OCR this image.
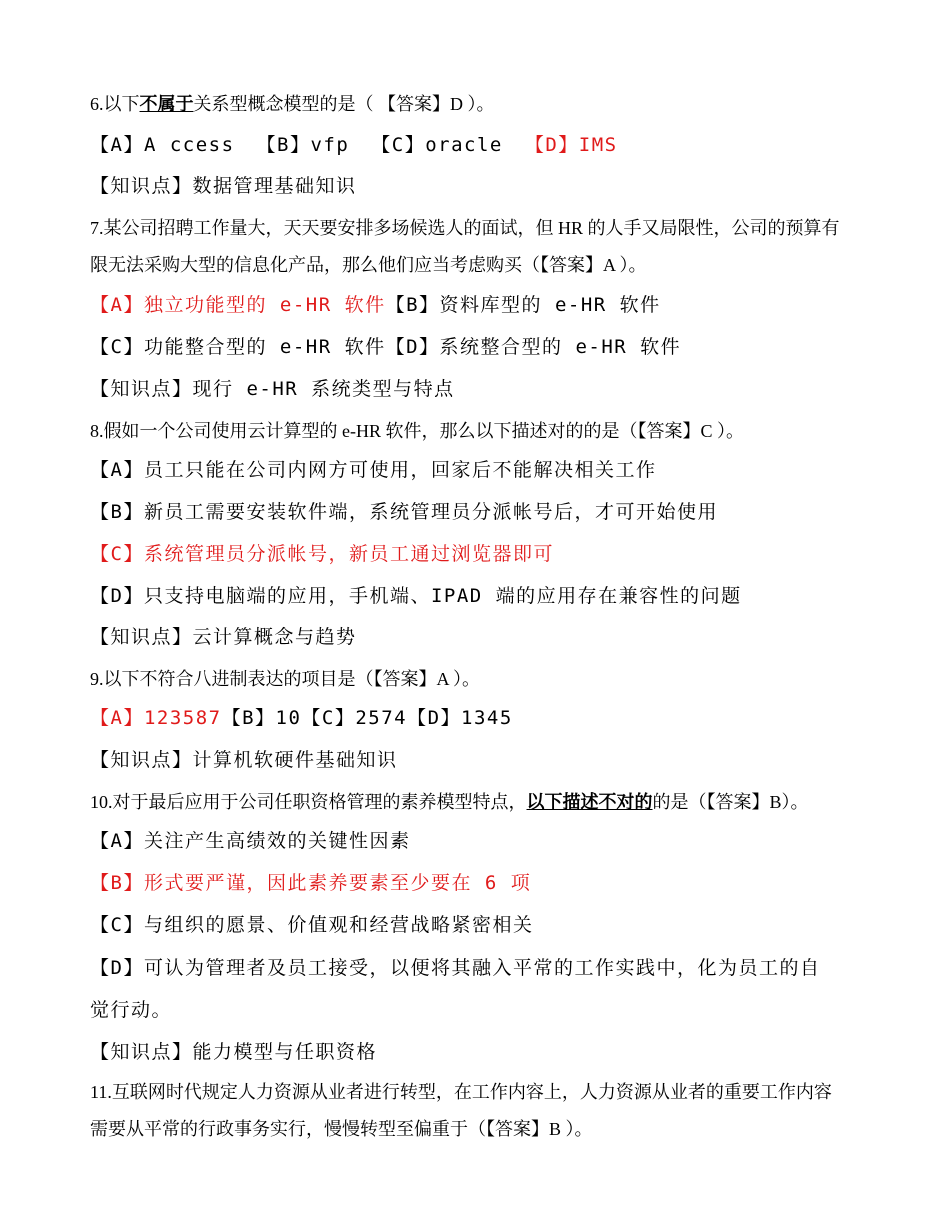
6.以下不属于关系型概念模型的是（ 【答案】D ）。
【A】A ccess 【B】vfp 【C】oracle 【D】IMS
【知识点】数据管理基础知识
7.某公司招聘工作量大，天天要安排多场候选人的面试，但 HR 的人手又局限性，公司的预算有
限无法采购大型的信息化产品，那么他们应当考虑购买（【答案】A ）。
【A】独立功能型的 e-HR 软件【B】资料库型的 e-HR 软件
【C】功能整合型的 e-HR 软件【D】系统整合型的 e-HR 软件
【知识点】现行 e-HR 系统类型与特点
8.假如一个公司使用云计算型的 e-HR 软件，那么以下描述对的的是（【答案】C ）。
【A】员工只能在公司内网方可使用，回家后不能解决相关工作
【B】新员工需要安装软件端，系统管理员分派帐号后，才可开始使用
【C】系统管理员分派帐号，新员工通过浏览器即可
【D】只支持电脑端的应用，手机端、IPAD 端的应用存在兼容性的问题
【知识点】云计算概念与趋势
9.以下不符合八进制表达的项目是（【答案】A ）。
【A】123587【B】10【C】2574【D】1345
【知识点】计算机软硬件基础知识
10.对于最后应用于公司任职资格管理的素养模型特点，以下描述不对的的是（【答案】B）。
【A】关注产生高绩效的关键性因素
【B】形式要严谨，因此素养要素至少要在 6 项
【C】与组织的愿景、价值观和经营战略紧密相关
【D】可认为管理者及员工接受，以便将其融入平常的工作实践中，化为员工的自
觉行动。
【知识点】能力模型与任职资格
11.互联网时代规定人力资源从业者进行转型，在工作内容上，人力资源从业者的重要工作内容
需要从平常的行政事务实行，慢慢转型至偏重于（【答案】B ）。
